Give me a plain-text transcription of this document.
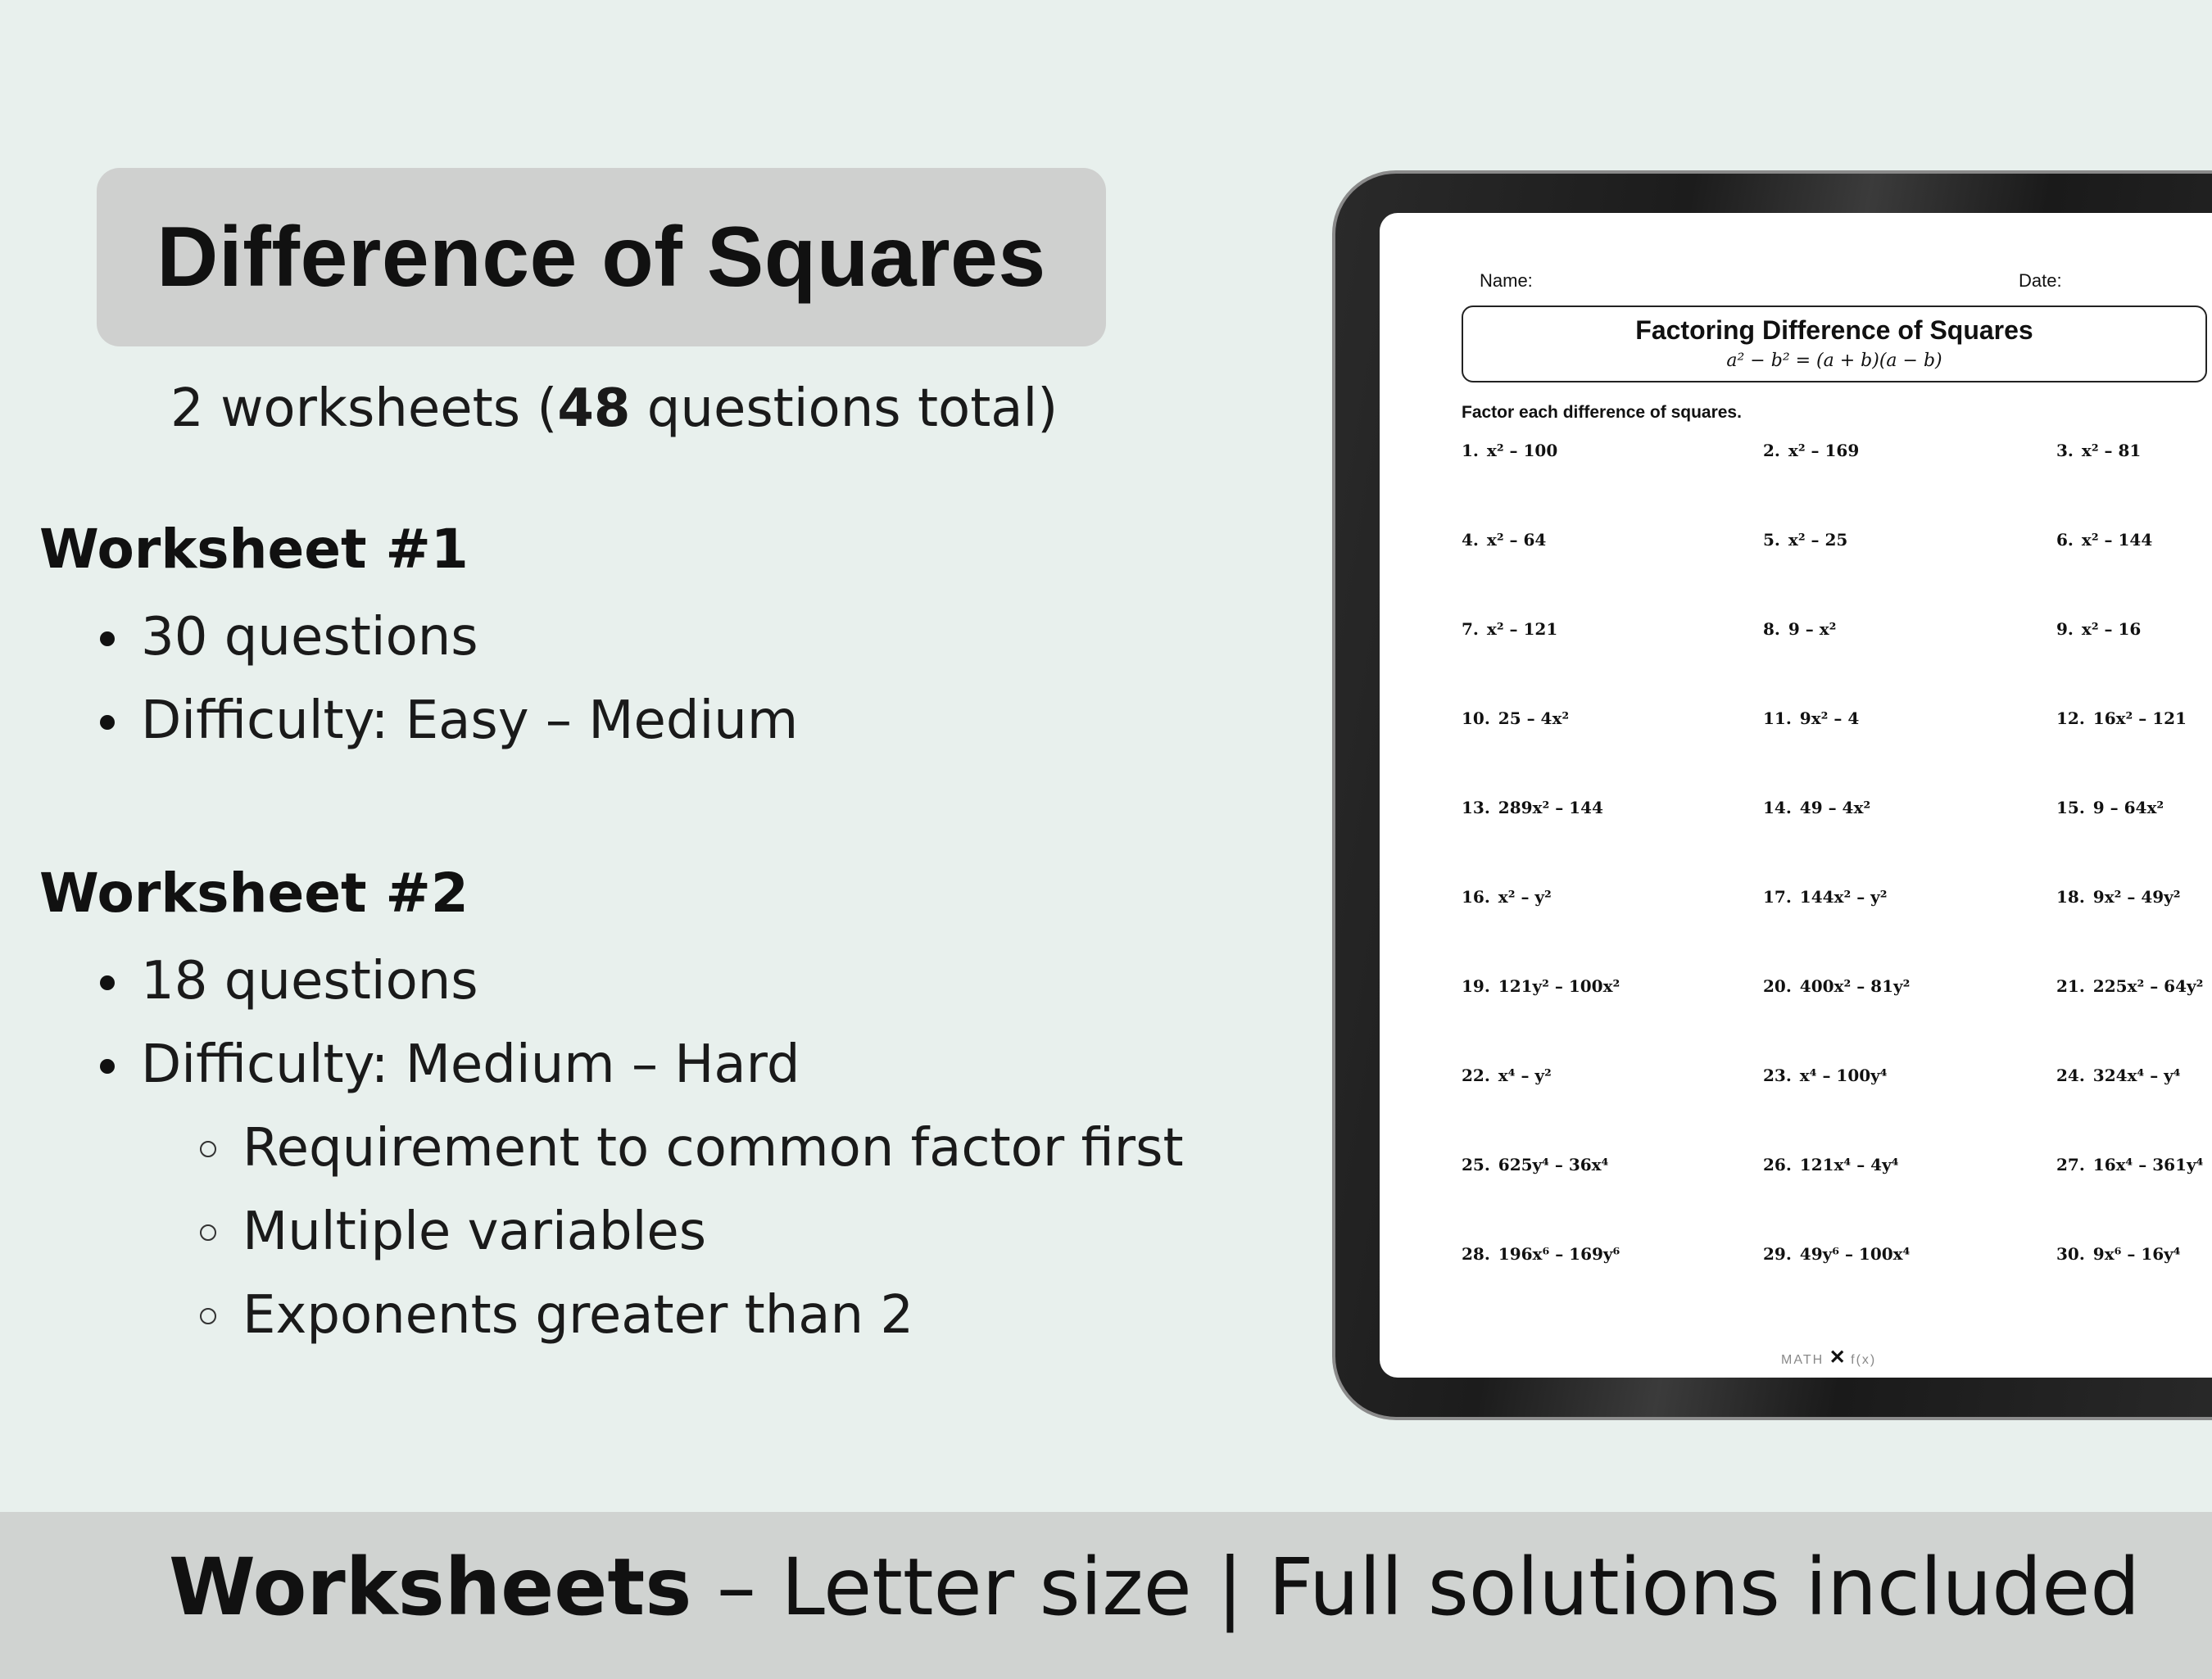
Difference of Squares

2 worksheets (48 questions total)

Worksheet #1
30 questions
Difficulty: Easy – Medium
Worksheet #2
18 questions
Difficulty: Medium – Hard
Requirement to common factor first
Multiple variables
Exponents greater than 2
Name:	Date:
Factoring Difference of Squares
a² − b² = (a + b)(a − b)
Factor each difference of squares.
1. x² – 100	2. x² – 169	3. x² – 81
4. x² – 64	5. x² – 25	6. x² – 144
7. x² – 121	8. 9 – x²	9. x² – 16
10. 25 – 4x²	11. 9x² – 4	12. 16x² – 121
13. 289x² – 144	14. 49 – 4x²	15. 9 – 64x²
16. x² – y²	17. 144x² – y²	18. 9x² – 49y²
19. 121y² – 100x²	20. 400x² – 81y²	21. 225x² – 64y²
22. x⁴ – y²	23. x⁴ – 100y⁴	24. 324x⁴ – y⁴
25. 625y⁴ – 36x⁴	26. 121x⁴ – 4y⁴	27. 16x⁴ – 361y⁴
28. 196x⁶ – 169y⁶	29. 49y⁶ – 100x⁴	30. 9x⁶ – 16y⁴
MATH ✕ f(x)

Worksheets – Letter size | Full solutions included
